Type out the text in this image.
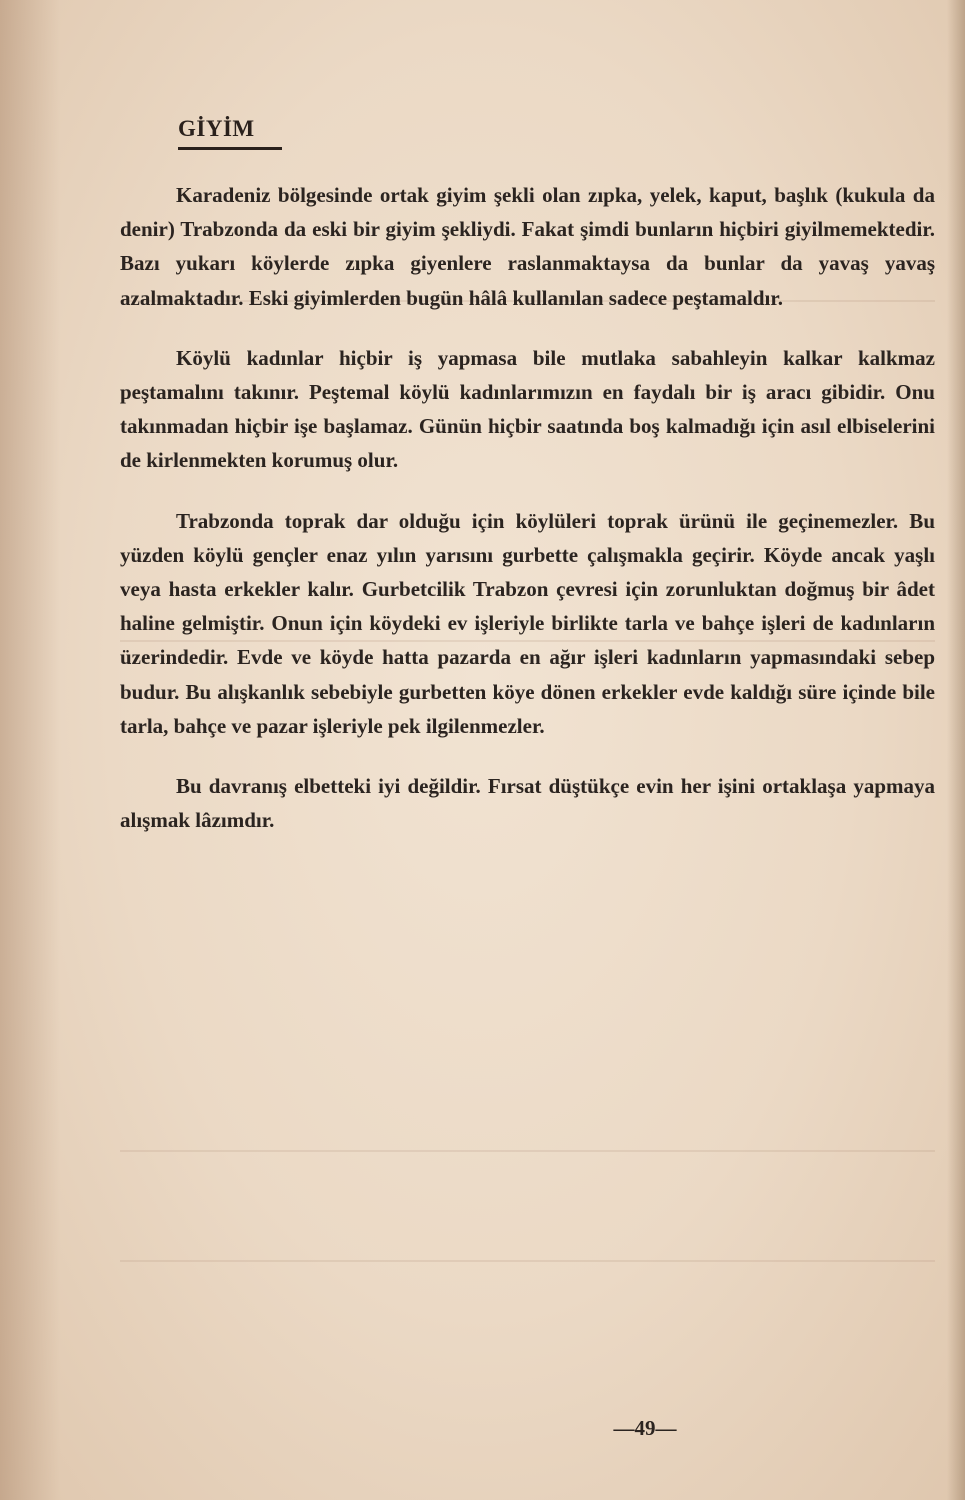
GİYİM

Karadeniz bölgesinde ortak giyim şekli olan zıpka, yelek, kaput, başlık (kukula da denir) Trabzonda da eski bir giyim şekliydi. Fakat şimdi bunların hiçbiri giyilmemektedir. Bazı yukarı köylerde zıpka giyenlere raslanmaktaysa da bunlar da yavaş yavaş azalmaktadır. Eski giyimlerden bugün hâlâ kullanılan sadece peştamaldır.

Köylü kadınlar hiçbir iş yapmasa bile mutlaka sabahleyin kalkar kalkmaz peştamalını takınır. Peştemal köylü kadınlarımızın en faydalı bir iş aracı gibidir. Onu takınmadan hiçbir işe başlamaz. Günün hiçbir saatında boş kalmadığı için asıl elbiselerini de kirlenmekten korumuş olur.

Trabzonda toprak dar olduğu için köylüleri toprak ürünü ile geçinemezler. Bu yüzden köylü gençler enaz yılın yarısını gurbette çalışmakla geçirir. Köyde ancak yaşlı veya hasta erkekler kalır. Gurbetcilik Trabzon çevresi için zorunluktan doğmuş bir âdet haline gelmiştir. Onun için köydeki ev işleriyle birlikte tarla ve bahçe işleri de kadınların üzerindedir. Evde ve köyde hatta pazarda en ağır işleri kadınların yapmasındaki sebep budur. Bu alışkanlık sebebiyle gurbetten köye dönen erkekler evde kaldığı süre içinde bile tarla, bahçe ve pazar işleriyle pek ilgilenmezler.

Bu davranış elbetteki iyi değildir. Fırsat düştükçe evin her işini ortaklaşa yapmaya alışmak lâzımdır.

—49—
